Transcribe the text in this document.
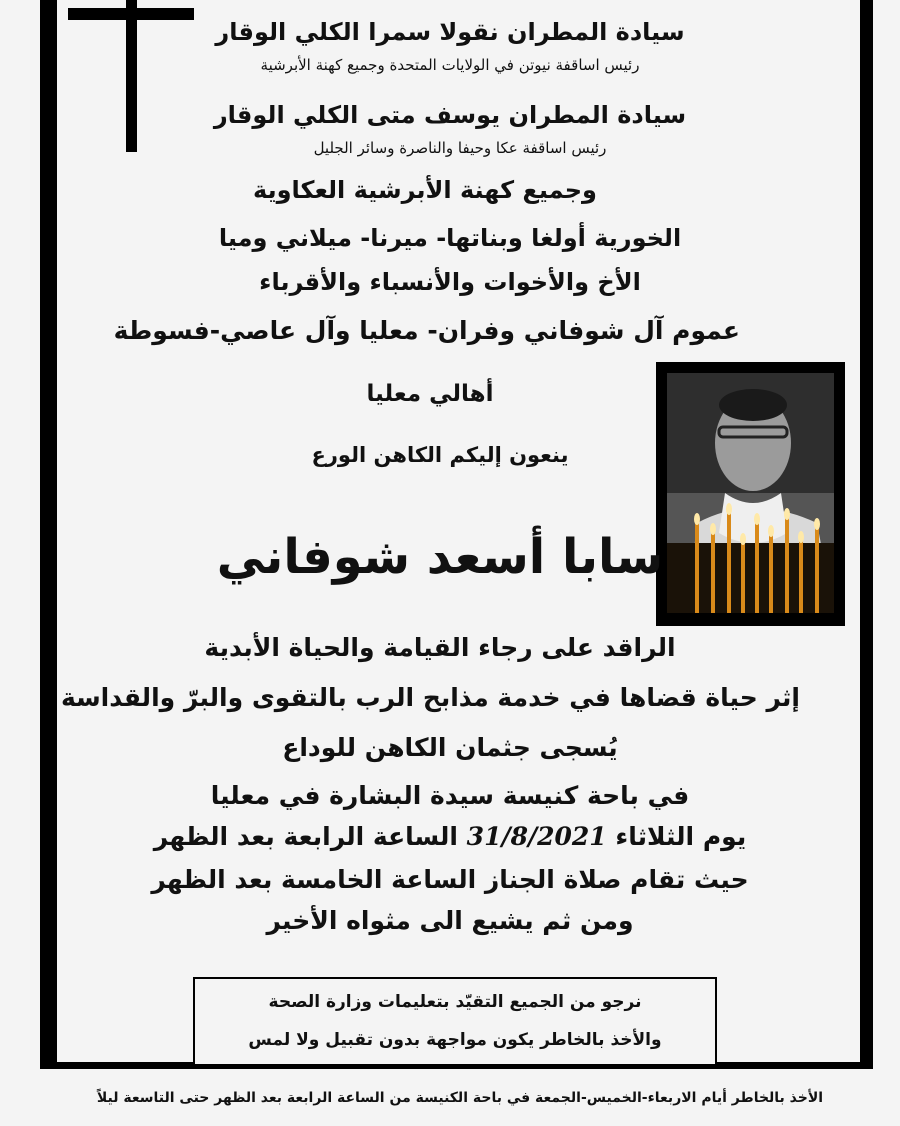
سيادة المطران نقولا سمرا الكلي الوقار
رئيس اساقفة نيوتن في الولايات المتحدة وجميع كهنة الأبرشية
سيادة المطران يوسف متى الكلي الوقار
رئيس اساقفة عكا وحيفا والناصرة وسائر الجليل
وجميع كهنة الأبرشية العكاوية
الخورية أولغا وبناتها- ميرنا- ميلاني وميا
الأخ والأخوات والأنسباء والأقرباء
عموم آل شوفاني وفران- معليا وآل عاصي-فسوطة
أهالي معليا
ينعون إليكم الكاهن الورع
سابا أسعد شوفاني
الراقد على رجاء القيامة والحياة الأبدية
إثر حياة قضاها في خدمة مذابح الرب بالتقوى والبرّ والقداسة
يُسجى جثمان الكاهن للوداع
في باحة كنيسة سيدة البشارة في معليا
يوم الثلاثاء 31/8/2021 الساعة الرابعة بعد الظهر
حيث تقام صلاة الجناز الساعة الخامسة بعد الظهر
ومن ثم يشيع الى مثواه الأخير
نرجو من الجميع التقيّد بتعليمات وزارة الصحة
والأخذ بالخاطر يكون مواجهة بدون تقبيل ولا لمس
الأخذ بالخاطر أيام الاربعاء-الخميس-الجمعة في باحة الكنيسة من الساعة الرابعة بعد الظهر حتى التاسعة ليلاً
